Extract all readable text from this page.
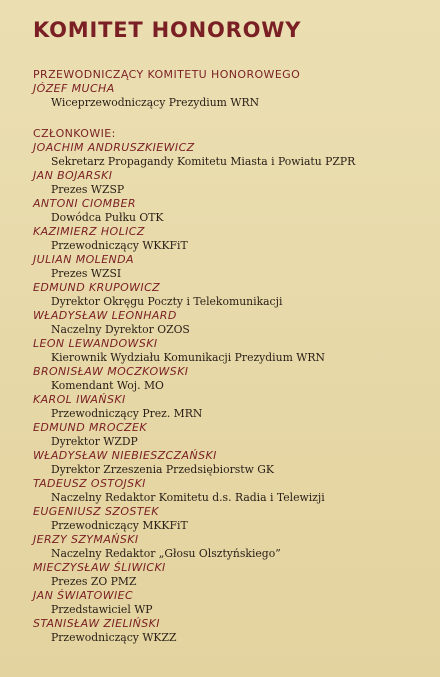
KOMITET HONOROWY

PRZEWODNICZĄCY KOMITETU HONOROWEGO

JÓZEF MUCHA
Wiceprzewodniczący Prezydium WRN

CZŁONKOWIE:

JOACHIM ANDRUSZKIEWICZ
Sekretarz Propagandy Komitetu Miasta i Powiatu PZPR
JAN BOJARSKI
Prezes WZSP
ANTONI CIOMBER
Dowódca Pułku OTK
KAZIMIERZ HOLICZ
Przewodniczący WKKFiT
JULIAN MOLENDA
Prezes WZSI
EDMUND KRUPOWICZ
Dyrektor Okręgu Poczty i Telekomunikacji
WŁADYSŁAW LEONHARD
Naczelny Dyrektor OZOS
LEON LEWANDOWSKI
Kierownik Wydziału Komunikacji Prezydium WRN
BRONISŁAW MOCZKOWSKI
Komendant Woj. MO
KAROL IWAŃSKI
Przewodniczący Prez. MRN
EDMUND MROCZEK
Dyrektor WZDP
WŁADYSŁAW NIEBIESZCZAŃSKI
Dyrektor Zrzeszenia Przedsiębiorstw GK
TADEUSZ OSTOJSKI
Naczelny Redaktor Komitetu d.s. Radia i Telewizji
EUGENIUSZ SZOSTEK
Przewodniczący MKKFiT
JERZY SZYMAŃSKI
Naczelny Redaktor „Głosu Olsztyńskiego”
MIECZYSŁAW ŚLIWICKI
Prezes ZO PMZ
JAN ŚWIATOWIEC
Przedstawiciel WP
STANISŁAW ZIELIŃSKI
Przewodniczący WKZZ
